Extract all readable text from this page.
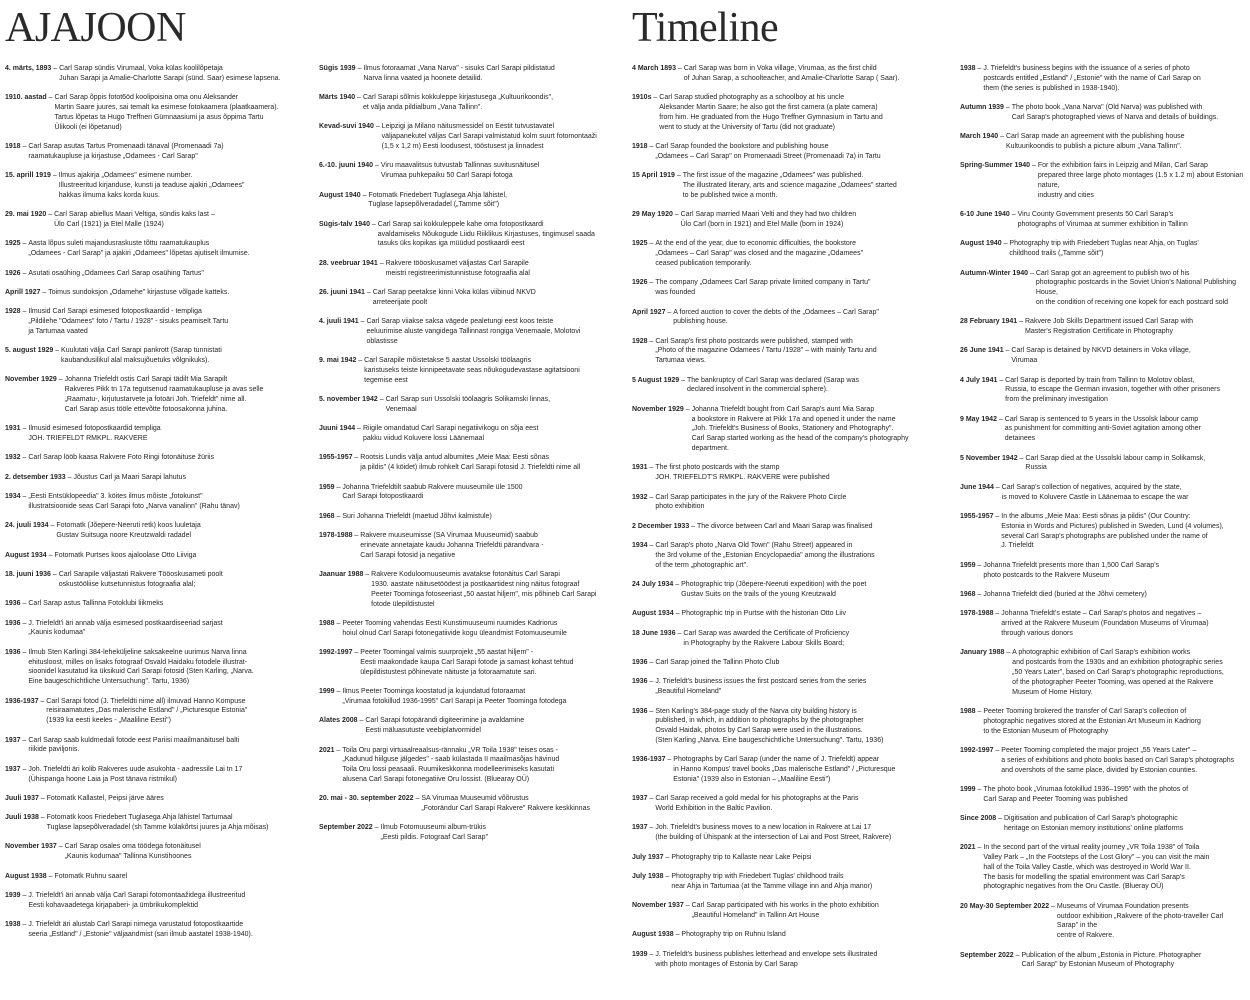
AJAJOON	Timeline
4. märts, 1893 – Carl Sarap sündis Virumaal, Voka külas koolilõpetaja
Juhan Sarapi ja Amalie-Charlotte Sarapi (sünd. Saar) esimese lapsena.
1910. aastad – Carl Sarap õppis fotot6öd koolipoisina oma onu Aleksander
Martin Saare juures, sai temalt ka esimese fotokaamera (plaatkaamera).
Tartus lõpetas ta Hugo Treffneri Gümnaasiumi ja asus õppima Tartu
Ülikooli (ei lõpetanud)
1918 – Carl Sarap asutas Tartus Promenaadi tänaval (Promenaadi 7a)
raamatukaupluse ja kirjastuse „Odamees - Carl Sarap"
15. aprill 1919 – Ilmus ajakirja „Odamees" esimene number.
Illustreeritud kirjanduse, kunsti ja teaduse ajakiri „Odamees"
hakkas ilmuma kaks korda kuus.
29. mai 1920 – Carl Sarap abiellus Maari Veltiga, sündis kaks last –
Ülo Carl (1921) ja Etel Malle (1924)
1925 – Aasta lõpus suleti majandusraskuste tõttu raamatukauplus
„Odamees - Carl Sarap" ja ajakiri „Odamees" lõpetas ajutiselt ilmumise.
1926 – Asutati osaühing „Odamees Carl Sarap osaühing Tartus"
Aprill 1927 – Toimus sundoksjon „Odamehe" kirjastuse võlgade katteks.
1928 – Ilmusid Carl Sarapi esimesed fotopostkaardid - templiga
„Pildilehe "Odamees" foto / Tartu / 1928" - sisuks peamiselt Tartu
ja Tartumaa vaated
5. august 1929 – Kuulutati välja Carl Sarapi pankrott (Sarap tunnistati
kaubandusilikul alal maksujõuetuks võlgnikuks).
November 1929 – Johanna Triefeldt ostis Carl Sarapi tädilt Mia Sarapilt
Rakveres Pikk tn 17a tegutsenud raamatukaupluse ja avas selle
„Raamatu-, kirjutustarvete ja fotoäri Joh. Triefeldt" nime all.
Carl Sarap asus tööle ettevõtte fotoosakonna juhina.
1931 – Ilmusid esimesed fotopostkaardid templiga
JOH. TRIEFELDT RMKPL. RAKVERE
1932 – Carl Sarap lööb kaasa Rakvere Foto Ringi fotonäituse žüriis
2. detsember 1933 – Jõustus Carl ja Maari Sarapi lahutus
1934 – „Eesti Entsüklopeedia" 3. köites ilmus mõiste „fotokunst"
illustratsioonide seas Carl Sarapi foto „Narva vanalinn" (Rahu tänav)
24. juuli 1934 – Fotomatk (Jõepere-Neeruti retk) koos luuletaja
Gustav Suitsuga noore Kreutzwaldi radadel
August 1934 – Fotomatk Purtses koos ajaloolase Otto Liiviga
18. juuni 1936 – Carl Sarapile väljastati Rakvere Tööoskusameti poolt
oskustööliise kutsetunnistus fotograafia alal;
1936 – Carl Sarap astus Tallinna Fotoklubi liikmeks
1936 – J. Triefeldt'i äri annab välja esimesed postkaardiseeriad sarjast
„Kaunis kodumaa"
1936 – Ilmub Sten Karlingi 384-leheküljeline saksakeelne uurimus Narva linna
ehitusloost, milles on lisaks fotograaf Osvald Haidaku fotodele illustrat-
sioonidel kasutatud ka üksikuid Carl Sarapi fotosid (Sten Karling, „Narva.
Eine baugeschichtliche Untersuchung". Tartu, 1936)
1936-1937 – Carl Sarapi fotod (J. Triefeldti nime all) ilmuvad Hanno Kompuse
reisiraamatutes „Das malerische Estland" / „Picturesque Estonia"
(1939 ka eesti keeles - „Maaliline Eesti")
1937 – Carl Sarap saab kuldmedali fotode eest Pariisi maailmanäitusel balti
riikide paviljonis.
1937 – Joh. Triefeldti äri kolib Rakveres uude asukohta - aadressile Lai tn 17
(Ühispanga hoone Laia ja Post tänava ristmikul)
Juuli 1937 – Fotomatk Kallastel, Peipsi järve ääres
Juuli 1938 – Fotomatk koos Friedebert Tuglasega Ahja lähistel Tartumaal
Tuglase lapsepõlveradadel (sh Tamme külakõrtsi juures ja Ahja mõisas)
November 1937 – Carl Sarap osales oma töödega fotonäitusel
„Kaunis kodumaa" Tallinna Kunstihoones
August 1938 – Fotomatk Ruhnu saarel
1939 – J. Triefeldt'i äri annab välja Carl Sarapi fotomontaažidega illustreeritud
Eesti kohavaadetega kirjapaberi- ja ümbrikukomplektid
1938 – J. Triefeldt äri alustab Carl Sarapi nimega varustatud fotopostkaartide
seeria „Estland" / „Estonie" väljaandmist (sari ilmub aastatel 1938-1940).
Sügis 1939 – Ilmus fotoraamat „Vana Narva" - sisuks Carl Sarapi pildistatud
Narva linna vaated ja hoonete detailid.
Märts 1940 – Carl Sarapi sõlmis kokkuleppe kirjastusega „Kultuurikoondis",
et välja anda pildialbum „Vana Tallinn".
Kevad-suvi 1940 – Leipzigi ja Milano näitusmessidel on Eestit tutvustavatel
väljapanekutel väljas Carl Sarapi valmistatud kolm suurt fotomontaaži
(1,5 x 1,2 m) Eesti loodusest, tööstusest ja linnadest
6.-10. juuni 1940 – Viru maavalitsus tutvustab Tallinnas suvitusnäitusel
Virumaa puhkepaiku 50 Carl Sarapi fotoga
August 1940 – Fotomatk Friedebert Tuglasega Ahja lähistel,
Tuglase lapsepõlveradadel („Tamme sõit")
Sügis-talv 1940 – Carl Sarap sai kokkuleppele kahe oma fotopostkaardi
avaldamiseks Nõukogude Liidu Riiklikus Kirjastuses, tingimusel saada
tasuks üks kopikas iga müüdud postkaardi eest
28. veebruar 1941 – Rakvere tööoskusamet väljastas Carl Sarapile
meistri registreerimistunnistuse fotograafia alal
26. juuni 1941 – Carl Sarap peetakse kinni Voka külas viibinud NKVD
arreteerijate poolt
4. juuli 1941 – Carl Sarap viiakse saksa vägede pealetungi eest koos teiste
eeluurimise aluste vangidega Tallinnast rongiga Venemaale, Molotovi
oblastisse
9. mai 1942 – Carl Sarapile mõistetakse 5 aastat Ussolski töölaagris
karistuseks teiste kinnipeetavate seas nõukogudevastase agitatsiooni
tegemise eest
5. november 1942 – Carl Sarap suri Ussolski töölaagris Solikamski linnas,
Venemaal
Juuni 1944 – Riigile omandatud Carl Sarapi negatiivikogu on sõja eest
pakku viidud Koluvere lossi Läänemaal
1955-1957 – Rootsis Lundis välja antud albumites „Meie Maa: Eesti sõnas
ja pildis" (4 köidet) ilmub rohkelt Carl Sarapi fotosid J. Triefeldti nime all
1959 – Johanna Triefeldtilt saabub Rakvere muuseumile üle 1500
Carl Sarapi fotopostkaardi
1968 – Suri Johanna Triefeldt (maetud Jõhvi kalmistule)
1978-1988 – Rakvere muuseumisse (SA Virumaa Muuseumid) saabub
erinevate annetajate kaudu Johanna Triefeldti pärandvara -
Carl Sarapi fotosid ja negatiive
Jaanuar 1988 – Rakvere Koduloomuuseumis avatakse fotonäitus Carl Sarapi
1930. aastate näitusetöödest ja postkaartidest ning näitus fotograaf
Peeter Toominga fotoseeriast „50 aastat hiljem", mis põhineb Carl Sarapi
fotode ülepildistustel
1988 – Peeter Tooming vahendas Eesti Kunstimuuseumi ruumides Kadriorus
hoiul olnud Carl Sarapi fotonegatiivide kogu üleandmist Fotomuuseumile
1992-1997 – Peeter Toomingal valmis suurprojekt „55 aastat hiljem" -
Eesti maakondade kaupa Carl Sarapi fotode ja samast kohast tehtud
ülepildistustest põhinevate näituste ja fotoraamatute sari.
1999 – Ilmus Peeter Toominga koostatud ja kujundatud fotoraamat
„Virumaa fotokillud 1936-1995" Carl Sarapi ja Peeter Toominga fotodega
Alates 2008 – Carl Sarapi fotopärandi digiteerimine ja avaldamine
Eesti mäluasutuste veebiplatvormidel
2021 – Toila Oru pargi virtuaalreaalsus-rännaku „VR Toila 1938" teises osas -
„Kadunud hiilguse jälgedes" - saab külastada II maailmasõjas hävinud
Toila Oru lossi peasaali. Ruumikeskkonna modelleerimiseks kasutati
alusena Carl Sarapi fotonegatiive Oru lossist. (Bluearay OÜ)
20. mai - 30. september 2022 – SA Virumaa Muuseumid võõrustus
„Fotorändur Carl Sarapi Rakvere" Rakvere keskkinnas
September 2022 – Ilmub Fotomuuseumi album-trükis
„Eesti pildis. Fotograaf Carl Sarap"
4 March 1893 – Carl Sarap was born in Voka village, Virumaa, as the first child
of Juhan Sarap, a schoolteacher, and Amalie-Charlotte Sarap ( Saar).
1910s – Carl Sarap studied photography as a schoolboy at his uncle
Aleksander Martin Saare; he also got the first camera (a plate camera)
from him. He graduated from the Hugo Treffner Gymnasium in Tartu and
went to study at the University of Tartu (did not graduate)
1918 – Carl Sarap founded the bookstore and publishing house
„Odamees – Carl Sarap" on Promenaadi Street (Promenaadi 7a) in Tartu
15 April 1919 – The first issue of the magazine „Odamees" was published.
The illustrated literary, arts and science magazine „Odamees" started
to be published twice a month.
29 May 1920 – Carl Sarap married Maari Velti and they had two children
Ülo Carl (born in 1921) and Etel Malle (born in 1924)
1925 – At the end of the year, due to economic difficulties, the bookstore
„Odamees – Carl Sarap" was closed and the magazine „Odamees"
ceased publication temporarily.
1926 – The company „Odamees Carl Sarap private limited company in Tartu"
was founded
April 1927 – A forced auction to cover the debts of the „Odamees – Carl Sarap"
publishing house.
1928 – Carl Sarap's first photo postcards were published, stamped with
„Photo of the magazine Odamees / Tartu /1928" – with mainly Tartu and
Tartumaa views.
5 August 1929 – The bankruptcy of Carl Sarap was declared (Sarap was
declared insolvent in the commercial sphere).
November 1929 – Johanna Triefeldt bought from Carl Sarap's aunt Mia Sarap
a bookstore in Rakvere at Pikk 17a and opened it under the name
„Joh. Triefeldt's Business of Books, Stationery and Photography".
Carl Sarap started working as the head of the company's photography
department.
1931 – The first photo postcards with the stamp
JOH. TRIEFELDT'S RMKPL. RAKVERE were published
1932 – Carl Sarap participates in the jury of the Rakvere Photo Circle
photo exhibition
2 December 1933 – The divorce between Carl and Maari Sarap was finalised
1934 – Carl Sarap's photo „Narva Old Town" (Rahu Street) appeared in
the 3rd volume of the „Estonian Encyclopaedia" among the illustrations
of the term „photographic art".
24 July 1934 – Photographic trip (Jõepere-Neeruti expedition) with the poet
Gustav Suits on the trails of the young Kreutzwald
August 1934 – Photographic trip in Purtse with the historian Otto Liiv
18 June 1936 – Carl Sarap was awarded the Certificate of Proficiency
in Photography by the Rakvere Labour Skills Board;
1936 – Carl Sarap joined the Tallinn Photo Club
1936 – J. Triefeldt's business issues the first postcard series from the series
„Beautiful Homeland"
1936 – Sten Karling's 384-page study of the Narva city building history is
published, in which, in addition to photographs by the photographer
Osvald Haidak, photos by Carl Sarap were used in the illustrations.
(Sten Karling „Narva. Eine baugeschichtliche Untersuchung". Tartu, 1936)
1936-1937 – Photographs by Carl Sarap (under the name of J. Triefeldt) appear
in Hanno Kompus' travel books „Das malerische Estland" / „Picturesque
Estonia" (1939 also in Estonian – „Maaliline Eesti")
1937 – Carl Sarap received a gold medal for his photographs at the Paris
World Exhibition in the Baltic Pavilion.
1937 – Joh. Triefeldt's business moves to a new location in Rakvere at Lai 17
(the building of Ühispank at the intersection of Lai and Post Street, Rakvere)
July 1937 – Photography trip to Kallaste near Lake Peipsi
July 1938 – Photography trip with Friedebert Tuglas' childhood trails
near Ahja in Tartumaa (at the Tamme village inn and Ahja manor)
November 1937 – Carl Sarap participated with his works in the photo exhibition
„Beautiful Homeland" in Tallinn Art House
August 1938 – Photography trip on Ruhnu Island
1939 – J. Triefeldt's business publishes letterhead and envelope sets illustrated
with photo montages of Estonia by Carl Sarap
1938 – J. Triefeldt's business begins with the issuance of a series of photo
postcards entitled „Estland" / „Estonie" with the name of Carl Sarap on
them (the series is published in 1938-1940).
Autumn 1939 – The photo book „Vana Narva" (Old Narva) was published with
Carl Sarap's photographed views of Narva and details of buildings.
March 1940 – Carl Sarap made an agreement with the publishing house
Kultuurikoondis to publish a picture album „Vana Tallinn".
Spring-Summer 1940 – For the exhibition fairs in Leipzig and Milan, Carl Sarap
prepared three large photo montages (1.5 x 1.2 m) about Estonian nature,
industry and cities
6-10 June 1940 – Viru County Government presents 50 Carl Sarap's
photographs of Virumaa at summer exhibition in Tallinn
August 1940 – Photography trip with Friedebert Tuglas near Ahja, on Tuglas'
childhood trails („Tamme sõit")
Autumn-Winter 1940 – Carl Sarap got an agreement to publish two of his
photographic postcards in the Soviet Union's National Publishing House,
on the condition of receiving one kopek for each postcard sold
28 February 1941 – Rakvere Job Skills Department issued Carl Sarap with
Master's Registration Certificate in Photography
26 June 1941 – Carl Sarap is detained by NKVD detainers in Voka village,
Virumaa
4 July 1941 – Carl Sarap is deported by train from Tallinn to Molotov oblast,
Russia, to escape the German invasion, together with other prisoners
from the preliminary investigation
9 May 1942 – Carl Sarap is sentenced to 5 years in the Ussolsk labour camp
as punishment for committing anti-Soviet agitation among other
detainees
5 November 1942 – Carl Sarap died at the Ussolski labour camp in Solikamsk,
Russia
June 1944 – Carl Sarap's collection of negatives, acquired by the state,
is moved to Koluvere Castle in Läänemaa to escape the war
1955-1957 – In the albums „Meie Maa: Eesti sõnas ja pildis" (Our Country:
Estonia in Words and Pictures) published in Sweden, Lund (4 volumes),
several Carl Sarap's photographs are published under the name of
J. Triefeldt
1959 – Johanna Triefeldt presents more than 1,500 Carl Sarap's
photo postcards to the Rakvere Museum
1968 – Johanna Triefeldt died (buried at the Jõhvi cemetery)
1978-1988 – Johanna Triefeldt's estate – Carl Sarap's photos and negatives –
arrived at the Rakvere Museum (Foundation Museums of Virumaa)
through various donors
January 1988 – A photographic exhibition of Carl Sarap's exhibition works
and postcards from the 1930s and an exhibition photographic series
„50 Years Later", based on Carl Sarap's photographic reproductions,
of the photographer Peeter Tooming, was opened at the Rakvere
Museum of Home History.
1988 – Peeter Tooming brokered the transfer of Carl Sarap's collection of
photographic negatives stored at the Estonian Art Museum in Kadriorg
to the Estonian Museum of Photography
1992-1997 – Peeter Tooming completed the major project „55 Years Later" –
a series of exhibitions and photo books based on Carl Sarap's photographs
and overshots of the same place, divided by Estonian counties.
1999 – The photo book „Virumaa fotokillud 1936–1995" with the photos of
Carl Sarap and Peeter Tooming was published
Since 2008 – Digitisation and publication of Carl Sarap's photographic
heritage on Estonian memory institutions' online platforms
2021 – In the second part of the virtual reality journey „VR Toila 1938" of Toila
Valley Park – „In the Footsteps of the Lost Glory" – you can visit the main
hall of the Toila Valley Castle, which was destroyed in World War II.
The basis for modelling the spatial environment was Carl Sarap's
photographic negatives from the Oru Castle. (Blueray OÜ)
20 May-30 September 2022 – Museums of Virumaa Foundation presents
outdoor exhibition „Rakvere of the photo-traveller Carl Sarap" in the
centre of Rakvere.
September 2022 – Publication of the album „Estonia in Picture. Photographer
Carl Sarap" by Estonian Museum of Photography
